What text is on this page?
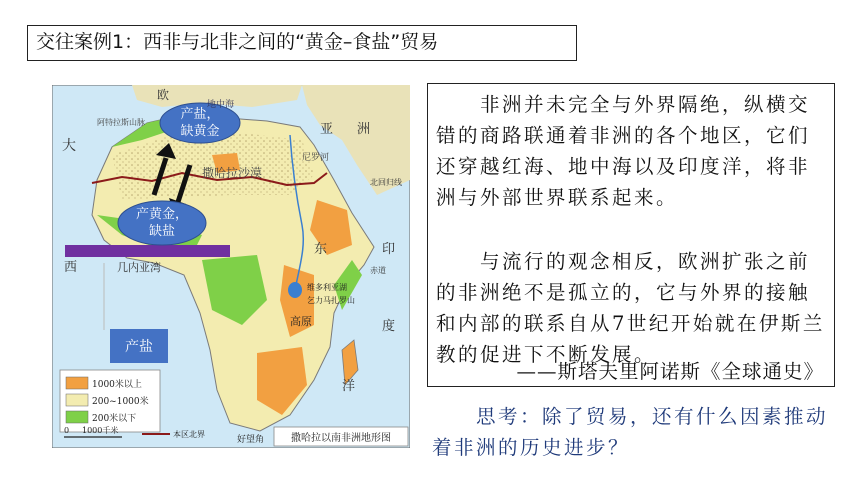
交往案例1：西非与北非之间的“黄金–食盐”贸易
产盐，
缺黄金
产黄金，
缺盐
产盐
欧
亚 洲
大
西
东	印
度
洋
地中海
北回归线
赤道
几内亚湾
撒哈拉沙漠
阿特拉斯山脉
尼罗河
维多利亚湖
乞力马扎罗山
高原
好望角
1000米以上
200~1000米
200米以下
0 1000千米	本区北界	撒哈拉以南非洲地形图
非洲并未完全与外界隔绝，纵横交错的商路联通着非洲的各个地区，它们还穿越红海、地中海以及印度洋，将非洲与外部世界联系起来。
与流行的观念相反，欧洲扩张之前的非洲绝不是孤立的，它与外界的接触和内部的联系自从7世纪开始就在伊斯兰教的促进下不断发展。
——斯塔夫里阿诺斯《全球通史》
思考：除了贸易，还有什么因素推动着非洲的历史进步？
